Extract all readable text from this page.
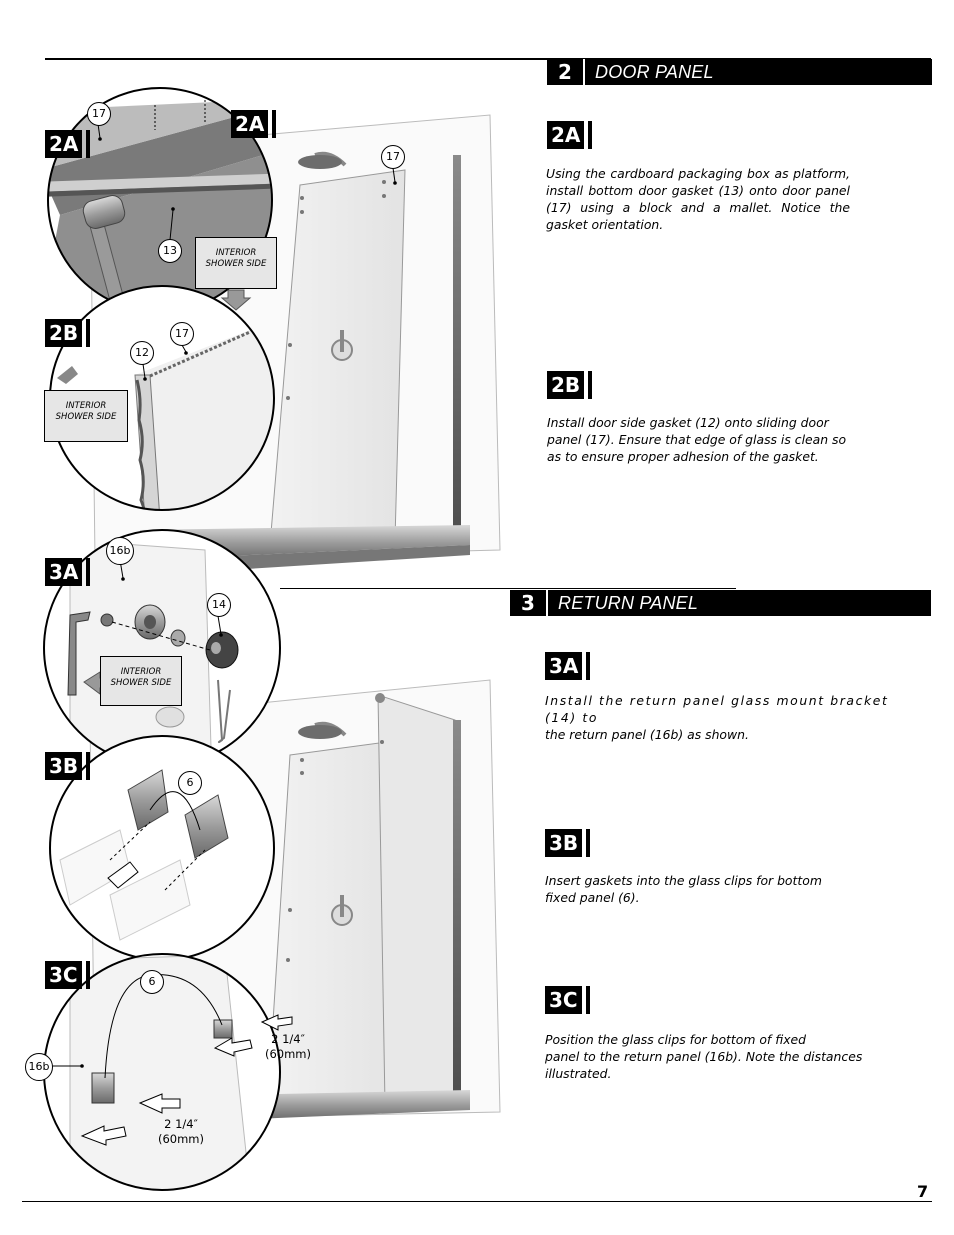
2	DOOR PANEL
3	RETURN PANEL
2A
Using the cardboard packaging box as platform, install bottom door gasket (13) onto door panel (17) using a block and a mallet. Notice the gasket orientation.
2B
Install door side gasket (12) onto sliding door
panel (17). Ensure that edge of glass is clean so
as to ensure proper adhesion of the gasket.
3A
Install the return panel glass mount bracket (14) to
the return panel (16b) as shown.
3B
Insert gaskets into the glass clips for bottom
fixed panel (6).
3C
Position the glass clips for bottom of fixed
panel to the return panel (16b). Note the distances
illustrated.
2A
2A
2B
3A
3B
3C
17
17
13
17
12
16b
14
6
6
16b
INTERIOR
SHOWER SIDE
INTERIOR
SHOWER SIDE
INTERIOR
SHOWER SIDE
2 1/4″
(60mm)
2 1/4″
(60mm)
7
